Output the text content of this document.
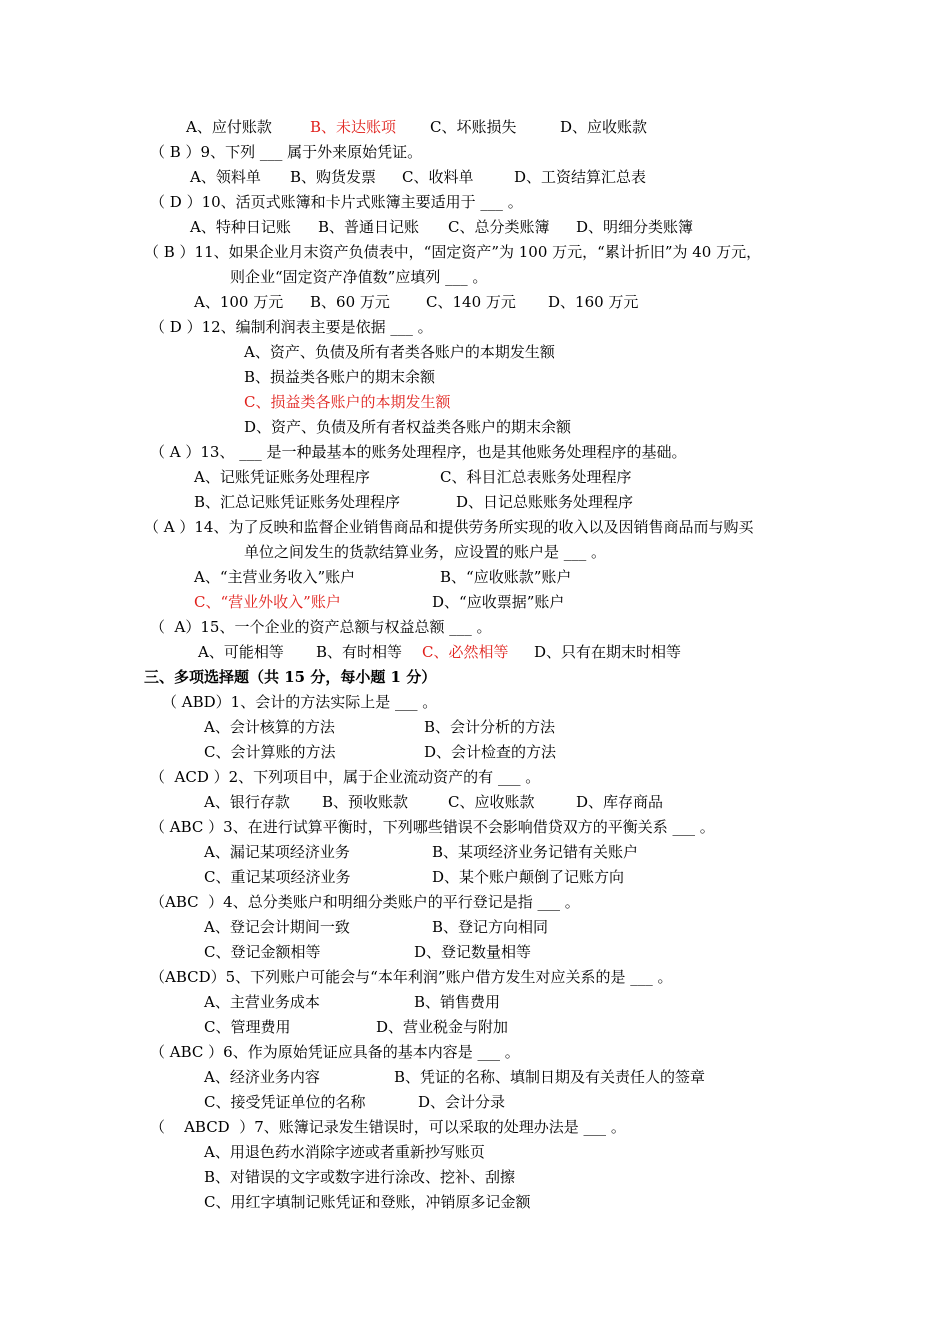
A、应付账款	B、未达账项 C、坏账损失	D、应收账款
（ B ）9、下列 ___ 属于外来原始凭证。
A、领料单 B、购货发票 C、收料单	D、工资结算汇总表
（ D ）10、活页式账簿和卡片式账簿主要适用于 ___ 。
A、特种日记账 B、普通日记账 C、总分类账簿 D、明细分类账簿
（ B ）11、如果企业月末资产负债表中，“固定资产”为 100 万元，“累计折旧”为 40 万元，
则企业“固定资产净值数”应填列 ___ 。
A、100 万元 B、60 万元 C、140 万元 D、160 万元
（ D ）12、编制利润表主要是依据 ___ 。
A、资产、负债及所有者类各账户的本期发生额
B、损益类各账户的期末余额
C、损益类各账户的本期发生额
D、资产、负债及所有者权益类各账户的期末余额
（ A ）13、 ___ 是一种最基本的账务处理程序，也是其他账务处理程序的基础。
A、记账凭证账务处理程序	C、科目汇总表账务处理程序
B、汇总记账凭证账务处理程序	D、日记总账账务处理程序
（ A ）14、为了反映和监督企业销售商品和提供劳务所实现的收入以及因销售商品而与购买
单位之间发生的货款结算业务，应设置的账户是 ___ 。
A、“主营业务收入”账户	B、“应收账款”账户
C、“营业外收入”账户	D、“应收票据”账户
（  A）15、一个企业的资产总额与权益总额 ___ 。
A、可能相等 B、有时相等 C、必然相等 D、只有在期末时相等
三、多项选择题（共 15 分，每小题 1 分）
（ ABD）1、会计的方法实际上是 ___ 。
A、会计核算的方法	B、会计分析的方法
C、会计算账的方法	D、会计检查的方法
（  ACD ）2、下列项目中，属于企业流动资产的有 ___ 。
A、银行存款 B、预收账款	C、应收账款	D、库存商品
（ ABC ）3、在进行试算平衡时，下列哪些错误不会影响借贷双方的平衡关系 ___ 。
A、漏记某项经济业务	B、某项经济业务记错有关账户
C、重记某项经济业务	D、某个账户颠倒了记账方向
（ABC  ）4、总分类账户和明细分类账户的平行登记是指 ___ 。
A、登记会计期间一致	B、登记方向相同
C、登记金额相等	D、登记数量相等
（ABCD）5、下列账户可能会与“本年利润”账户借方发生对应关系的是 ___ 。
A、主营业务成本	B、销售费用
C、管理费用	D、营业税金与附加
（ ABC ）6、作为原始凭证应具备的基本内容是 ___ 。
A、经济业务内容	B、凭证的名称、填制日期及有关责任人的签章
C、接受凭证单位的名称	D、会计分录
（    ABCD  ）7、账簿记录发生错误时，可以采取的处理办法是 ___ 。
A、用退色药水消除字迹或者重新抄写账页
B、对错误的文字或数字进行涂改、挖补、刮擦
C、用红字填制记账凭证和登账，冲销原多记金额
